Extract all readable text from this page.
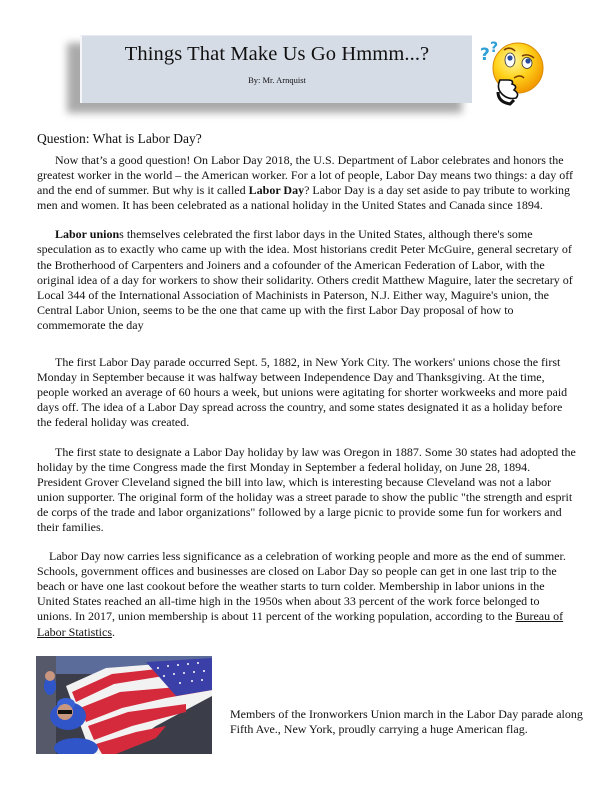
Things That Make Us Go Hmmm...?
By: Mr. Arnquist
? ?

Question: What is Labor Day?

Now that’s a good question! On Labor Day 2018, the U.S. Department of Labor celebrates and honors the greatest worker in the world – the American worker. For a lot of people, Labor Day means two things: a day off and the end of summer. But why is it called Labor Day? Labor Day is a day set aside to pay tribute to working men and women. It has been celebrated as a national holiday in the United States and Canada since 1894.

Labor unions themselves celebrated the first labor days in the United States, although there's some speculation as to exactly who came up with the idea. Most historians credit Peter McGuire, general secretary of the Brotherhood of Carpenters and Joiners and a cofounder of the American Federation of Labor, with the original idea of a day for workers to show their solidarity. Others credit Matthew Maguire, later the secretary of Local 344 of the International Association of Machinists in Paterson, N.J. Either way, Maguire's union, the Central Labor Union, seems to be the one that came up with the first Labor Day proposal of how to commemorate the day

The first Labor Day parade occurred Sept. 5, 1882, in New York City. The workers' unions chose the first Monday in September because it was halfway between Independence Day and Thanksgiving. At the time, people worked an average of 60 hours a week, but unions were agitating for shorter workweeks and more paid days off. The idea of a Labor Day spread across the country, and some states designated it as a holiday before the federal holiday was created.

The first state to designate a Labor Day holiday by law was Oregon in 1887. Some 30 states had adopted the holiday by the time Congress made the first Monday in September a federal holiday, on June 28, 1894. President Grover Cleveland signed the bill into law, which is interesting because Cleveland was not a labor union supporter. The original form of the holiday was a street parade to show the public "the strength and esprit de corps of the trade and labor organizations" followed by a large picnic to provide some fun for workers and their families.

Labor Day now carries less significance as a celebration of working people and more as the end of summer. Schools, government offices and businesses are closed on Labor Day so people can get in one last trip to the beach or have one last cookout before the weather starts to turn colder. Membership in labor unions in the United States reached an all-time high in the 1950s when about 33 percent of the work force belonged to unions. In 2017, union membership is about 11 percent of the working population, according to the Bureau of Labor Statistics.

Members of the Ironworkers Union march in the Labor Day parade along Fifth Ave., New York, proudly carrying a huge American flag.
